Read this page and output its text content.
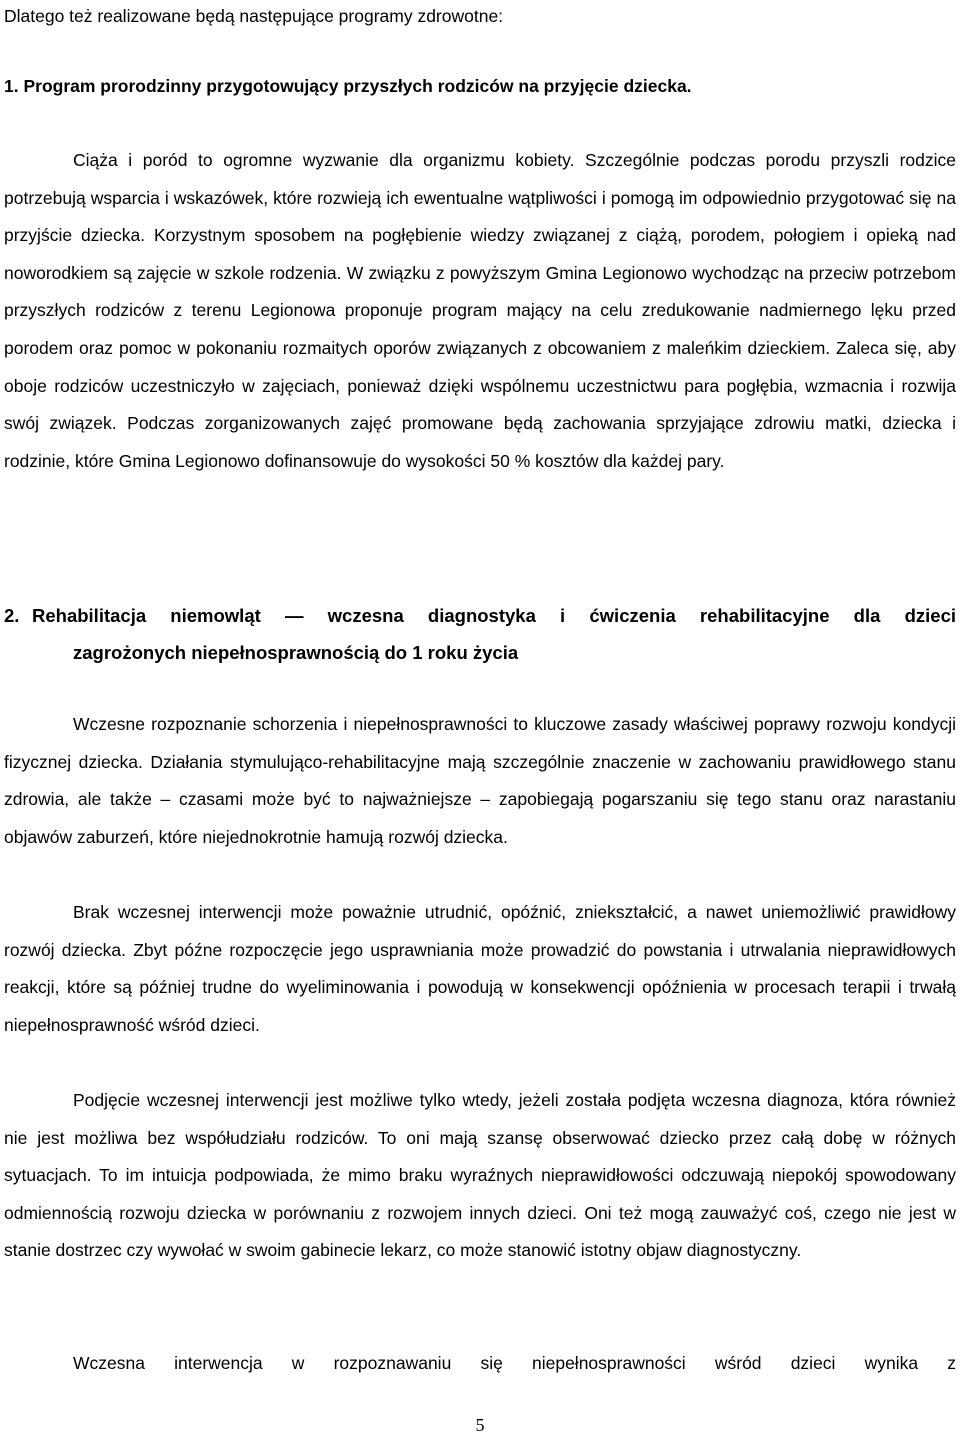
Dlatego też realizowane będą następujące programy zdrowotne:

1. Program prorodzinny przygotowujący przyszłych rodziców na przyjęcie dziecka.

Ciąża i poród to ogromne wyzwanie dla organizmu kobiety. Szczególnie podczas porodu przyszli rodzice potrzebują wsparcia i wskazówek, które rozwieją ich ewentualne wątpliwości i pomogą im odpowiednio przygotować się na przyjście dziecka. Korzystnym sposobem na pogłębienie wiedzy związanej z ciążą, porodem, połogiem i opieką nad noworodkiem są zajęcie w szkole rodzenia. W związku z powyższym Gmina Legionowo wychodząc na przeciw potrzebom przyszłych rodziców z terenu Legionowa proponuje program mający na celu zredukowanie nadmiernego lęku przed porodem oraz pomoc w pokonaniu rozmaitych oporów związanych z obcowaniem z maleńkim dzieckiem. Zaleca się, aby oboje rodziców uczestniczyło w zajęciach, ponieważ dzięki wspólnemu uczestnictwu para pogłębia, wzmacnia i rozwija swój związek. Podczas zorganizowanych zajęć promowane będą zachowania sprzyjające zdrowiu matki, dziecka i rodzinie, które Gmina Legionowo dofinansowuje do wysokości 50 % kosztów dla każdej pary.

2. Rehabilitacja niemowląt — wczesna diagnostyka i ćwiczenia rehabilitacyjne dla dzieci
zagrożonych niepełnosprawnością do 1 roku życia

Wczesne rozpoznanie schorzenia i niepełnosprawności to kluczowe zasady właściwej poprawy rozwoju kondycji fizycznej dziecka. Działania stymulująco-rehabilitacyjne mają szczególnie znaczenie w zachowaniu prawidłowego stanu zdrowia, ale także – czasami może być to najważniejsze – zapobiegają pogarszaniu się tego stanu oraz narastaniu objawów zaburzeń, które niejednokrotnie hamują rozwój dziecka.

Brak wczesnej interwencji może poważnie utrudnić, opóźnić, zniekształcić, a nawet uniemożliwić prawidłowy rozwój dziecka. Zbyt późne rozpoczęcie jego usprawniania może prowadzić do powstania i utrwalania nieprawidłowych reakcji, które są później trudne do wyeliminowania i powodują w konsekwencji opóźnienia w procesach terapii i trwałą niepełnosprawność wśród dzieci.

Podjęcie wczesnej interwencji jest możliwe tylko wtedy, jeżeli została podjęta wczesna diagnoza, która również nie jest możliwa bez współudziału rodziców. To oni mają szansę obserwować dziecko przez całą dobę w różnych sytuacjach. To im intuicja podpowiada, że mimo braku wyraźnych nieprawidłowości odczuwają niepokój spowodowany odmiennością rozwoju dziecka w porównaniu z rozwojem innych dzieci. Oni też mogą zauważyć coś, czego nie jest w stanie dostrzec czy wywołać w swoim gabinecie lekarz, co może stanowić istotny objaw diagnostyczny.

Wczesna interwencja w rozpoznawaniu się niepełnosprawności wśród dzieci wynika z

5
